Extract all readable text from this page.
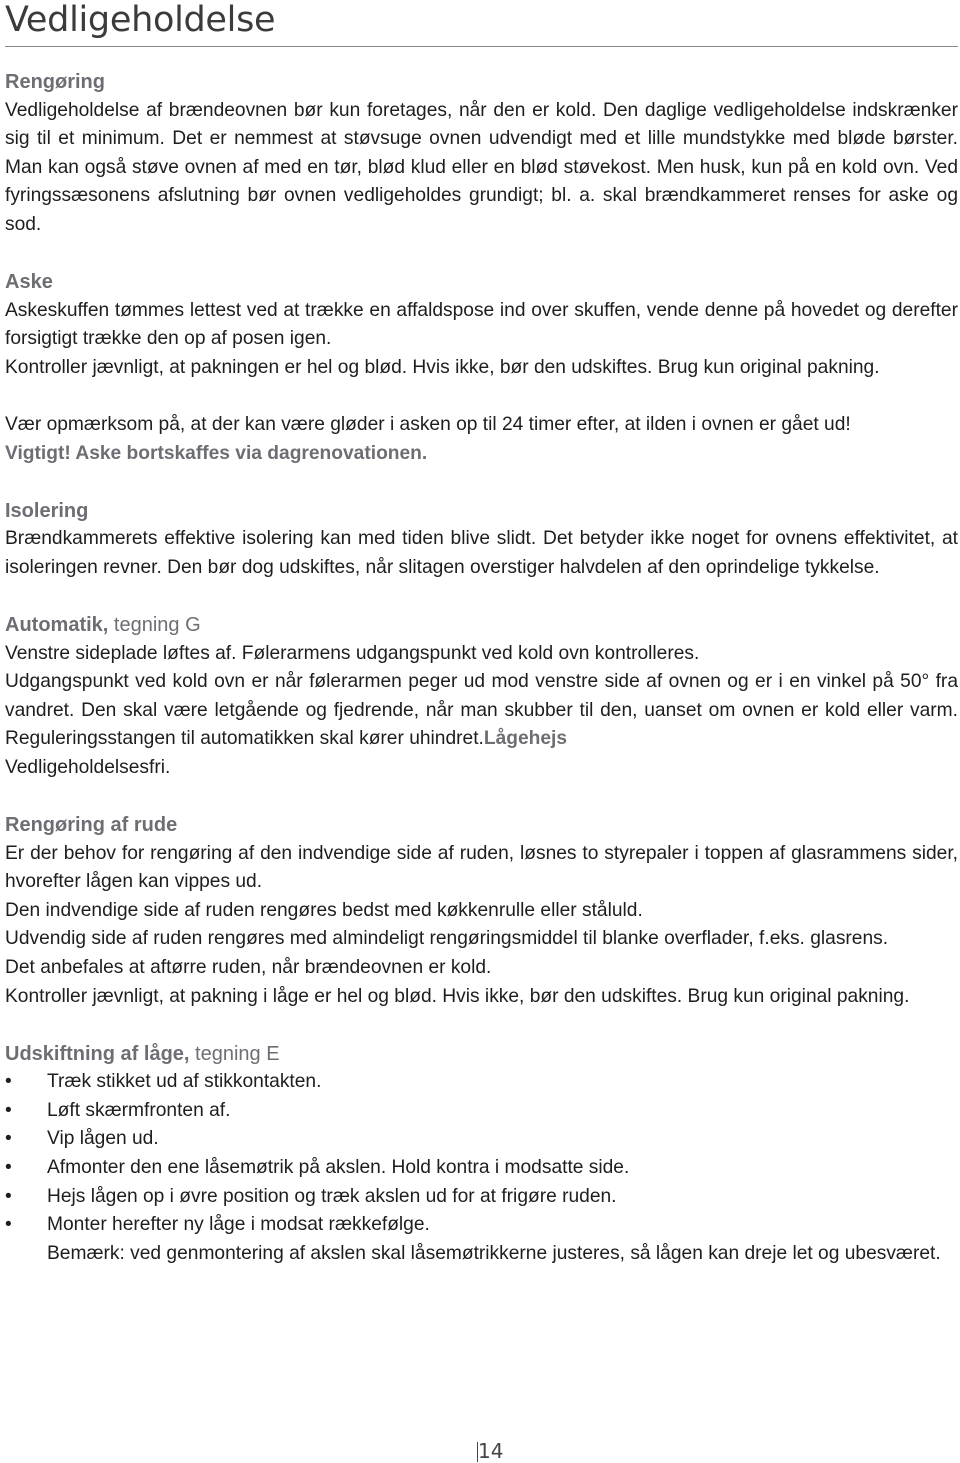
Vedligeholdelse
Rengøring

Vedligeholdelse af brændeovnen bør kun foretages, når den er kold. Den daglige vedligeholdelse indskrænker sig til et minimum. Det er nemmest at støvsuge ovnen udvendigt med et lille mundstykke med bløde børster. Man kan også støve ovnen af med en tør, blød klud eller en blød støvekost. Men husk, kun på en kold ovn. Ved fyringssæsonens afslutning bør ovnen vedligeholdes grundigt; bl. a. skal brændkammeret renses for aske og sod.

Aske

Askeskuffen tømmes lettest ved at trække en affaldspose ind over skuffen, vende denne på hovedet og derefter forsigtigt trække den op af posen igen.

Kontroller jævnligt, at pakningen er hel og blød. Hvis ikke, bør den udskiftes. Brug kun original pakning.

Vær opmærksom på, at der kan være gløder i asken op til 24 timer efter, at ilden i ovnen er gået ud!

Vigtigt! Aske bortskaffes via dagrenovationen.

Isolering

Brændkammerets effektive isolering kan med tiden blive slidt. Det betyder ikke noget for ovnens effektivitet, at isoleringen revner. Den bør dog udskiftes, når slitagen overstiger halvdelen af den oprindelige tykkelse.

Automatik, tegning G

Venstre sideplade løftes af. Følerarmens udgangspunkt ved kold ovn kontrolleres.

Udgangspunkt ved kold ovn er når følerarmen peger ud mod venstre side af ovnen og er i en vinkel på 50° fra vandret. Den skal være letgående og fjedrende, når man skubber til den, uanset om ovnen er kold eller varm. Reguleringsstangen til automatikken skal kører uhindret.Lågehejs
Vedligeholdelsesfri.

Rengøring af rude

Er der behov for rengøring af den indvendige side af ruden, løsnes to styrepaler i toppen af glasrammens sider, hvorefter lågen kan vippes ud.

Den indvendige side af ruden rengøres bedst med køkkenrulle eller ståluld.

Udvendig side af ruden rengøres med almindeligt rengøringsmiddel til blanke overflader, f.eks. glasrens.

Det anbefales at aftørre ruden, når brændeovnen er kold.

Kontroller jævnligt, at pakning i låge er hel og blød. Hvis ikke, bør den udskiftes. Brug kun original pakning.

Udskiftning af låge, tegning E
• Træk stikket ud af stikkontakten.
• Løft skærmfronten af.
• Vip lågen ud.
• Afmonter den ene låsemøtrik på akslen. Hold kontra i modsatte side.
• Hejs lågen op i øvre position og træk akslen ud for at frigøre ruden.
• Monter herefter ny låge i modsat rækkefølge.

Bemærk: ved genmontering af akslen skal låsemøtrikkerne justeres, så lågen kan dreje let og ubesværet.

14
